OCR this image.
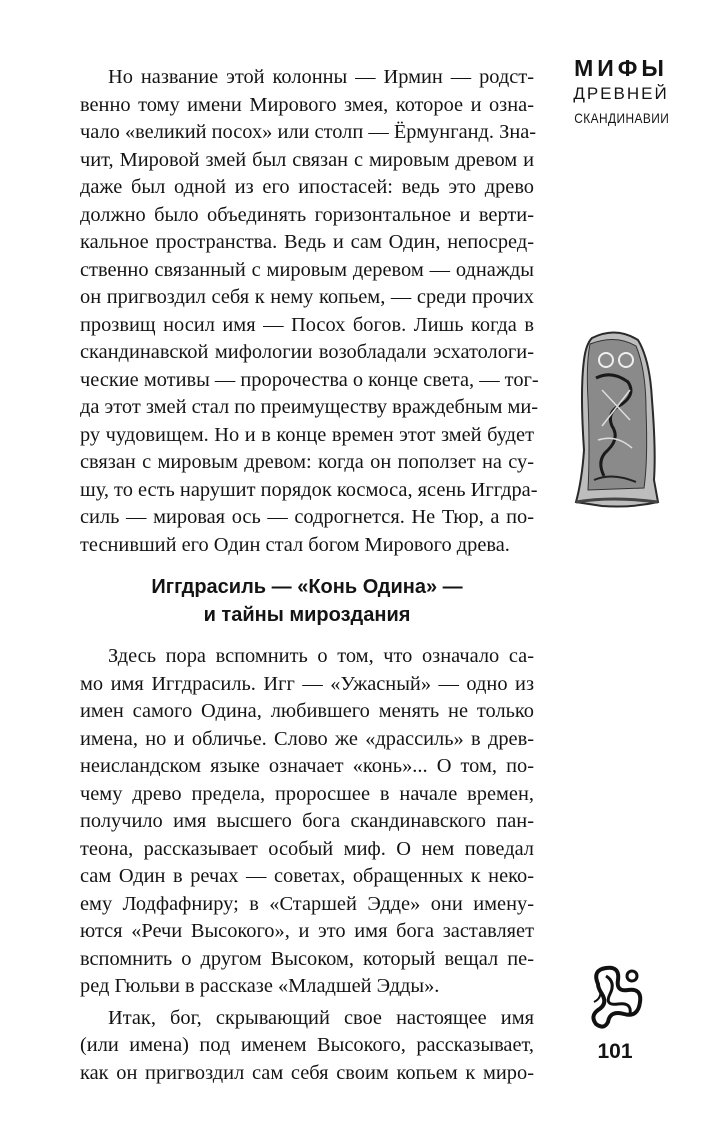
МИФЫ
ДРЕВНЕЙ
СКАНДИНАВИИ
Но название этой колонны — Ирмин — родст-
венно тому имени Мирового змея, которое и озна-
чало «великий посох» или столп — Ёрмунганд. Зна-
чит, Мировой змей был связан с мировым древом и
даже был одной из его ипостасей: ведь это древо
должно было объединять горизонтальное и верти-
кальное пространства. Ведь и сам Один, непосред-
ственно связанный с мировым деревом — однажды
он пригвоздил себя к нему копьем, — среди прочих
прозвищ носил имя — Посох богов. Лишь когда в
скандинавской мифологии возобладали эсхатологи-
ческие мотивы — пророчества о конце света, — тог-
да этот змей стал по преимуществу враждебным ми-
ру чудовищем. Но и в конце времен этот змей будет
связан с мировым древом: когда он поползет на су-
шу, то есть нарушит порядок космоса, ясень Иггдра-
силь — мировая ось — содрогнется. Не Тюр, а по-
теснивший его Один стал богом Мирового древа.
Иггдрасиль — «Конь Одина» —
и тайны мироздания
Здесь пора вспомнить о том, что означало са-
мо имя Иггдрасиль. Игг — «Ужасный» — одно из
имен самого Одина, любившего менять не только
имена, но и обличье. Слово же «драссиль» в древ-
неисландском языке означает «конь»... О том, по-
чему древо предела, проросшее в начале времен,
получило имя высшего бога скандинавского пан-
теона, рассказывает особый миф. О нем поведал
сам Один в речах — советах, обращенных к неко-
ему Лодфафниру; в «Старшей Эдде» они имену-
ются «Речи Высокого», и это имя бога заставляет
вспомнить о другом Высоком, который вещал пе-
ред Гюльви в рассказе «Младшей Эдды».
Итак, бог, скрывающий свое настоящее имя
(или имена) под именем Высокого, рассказывает,
как он пригвоздил сам себя своим копьем к миро-
101
